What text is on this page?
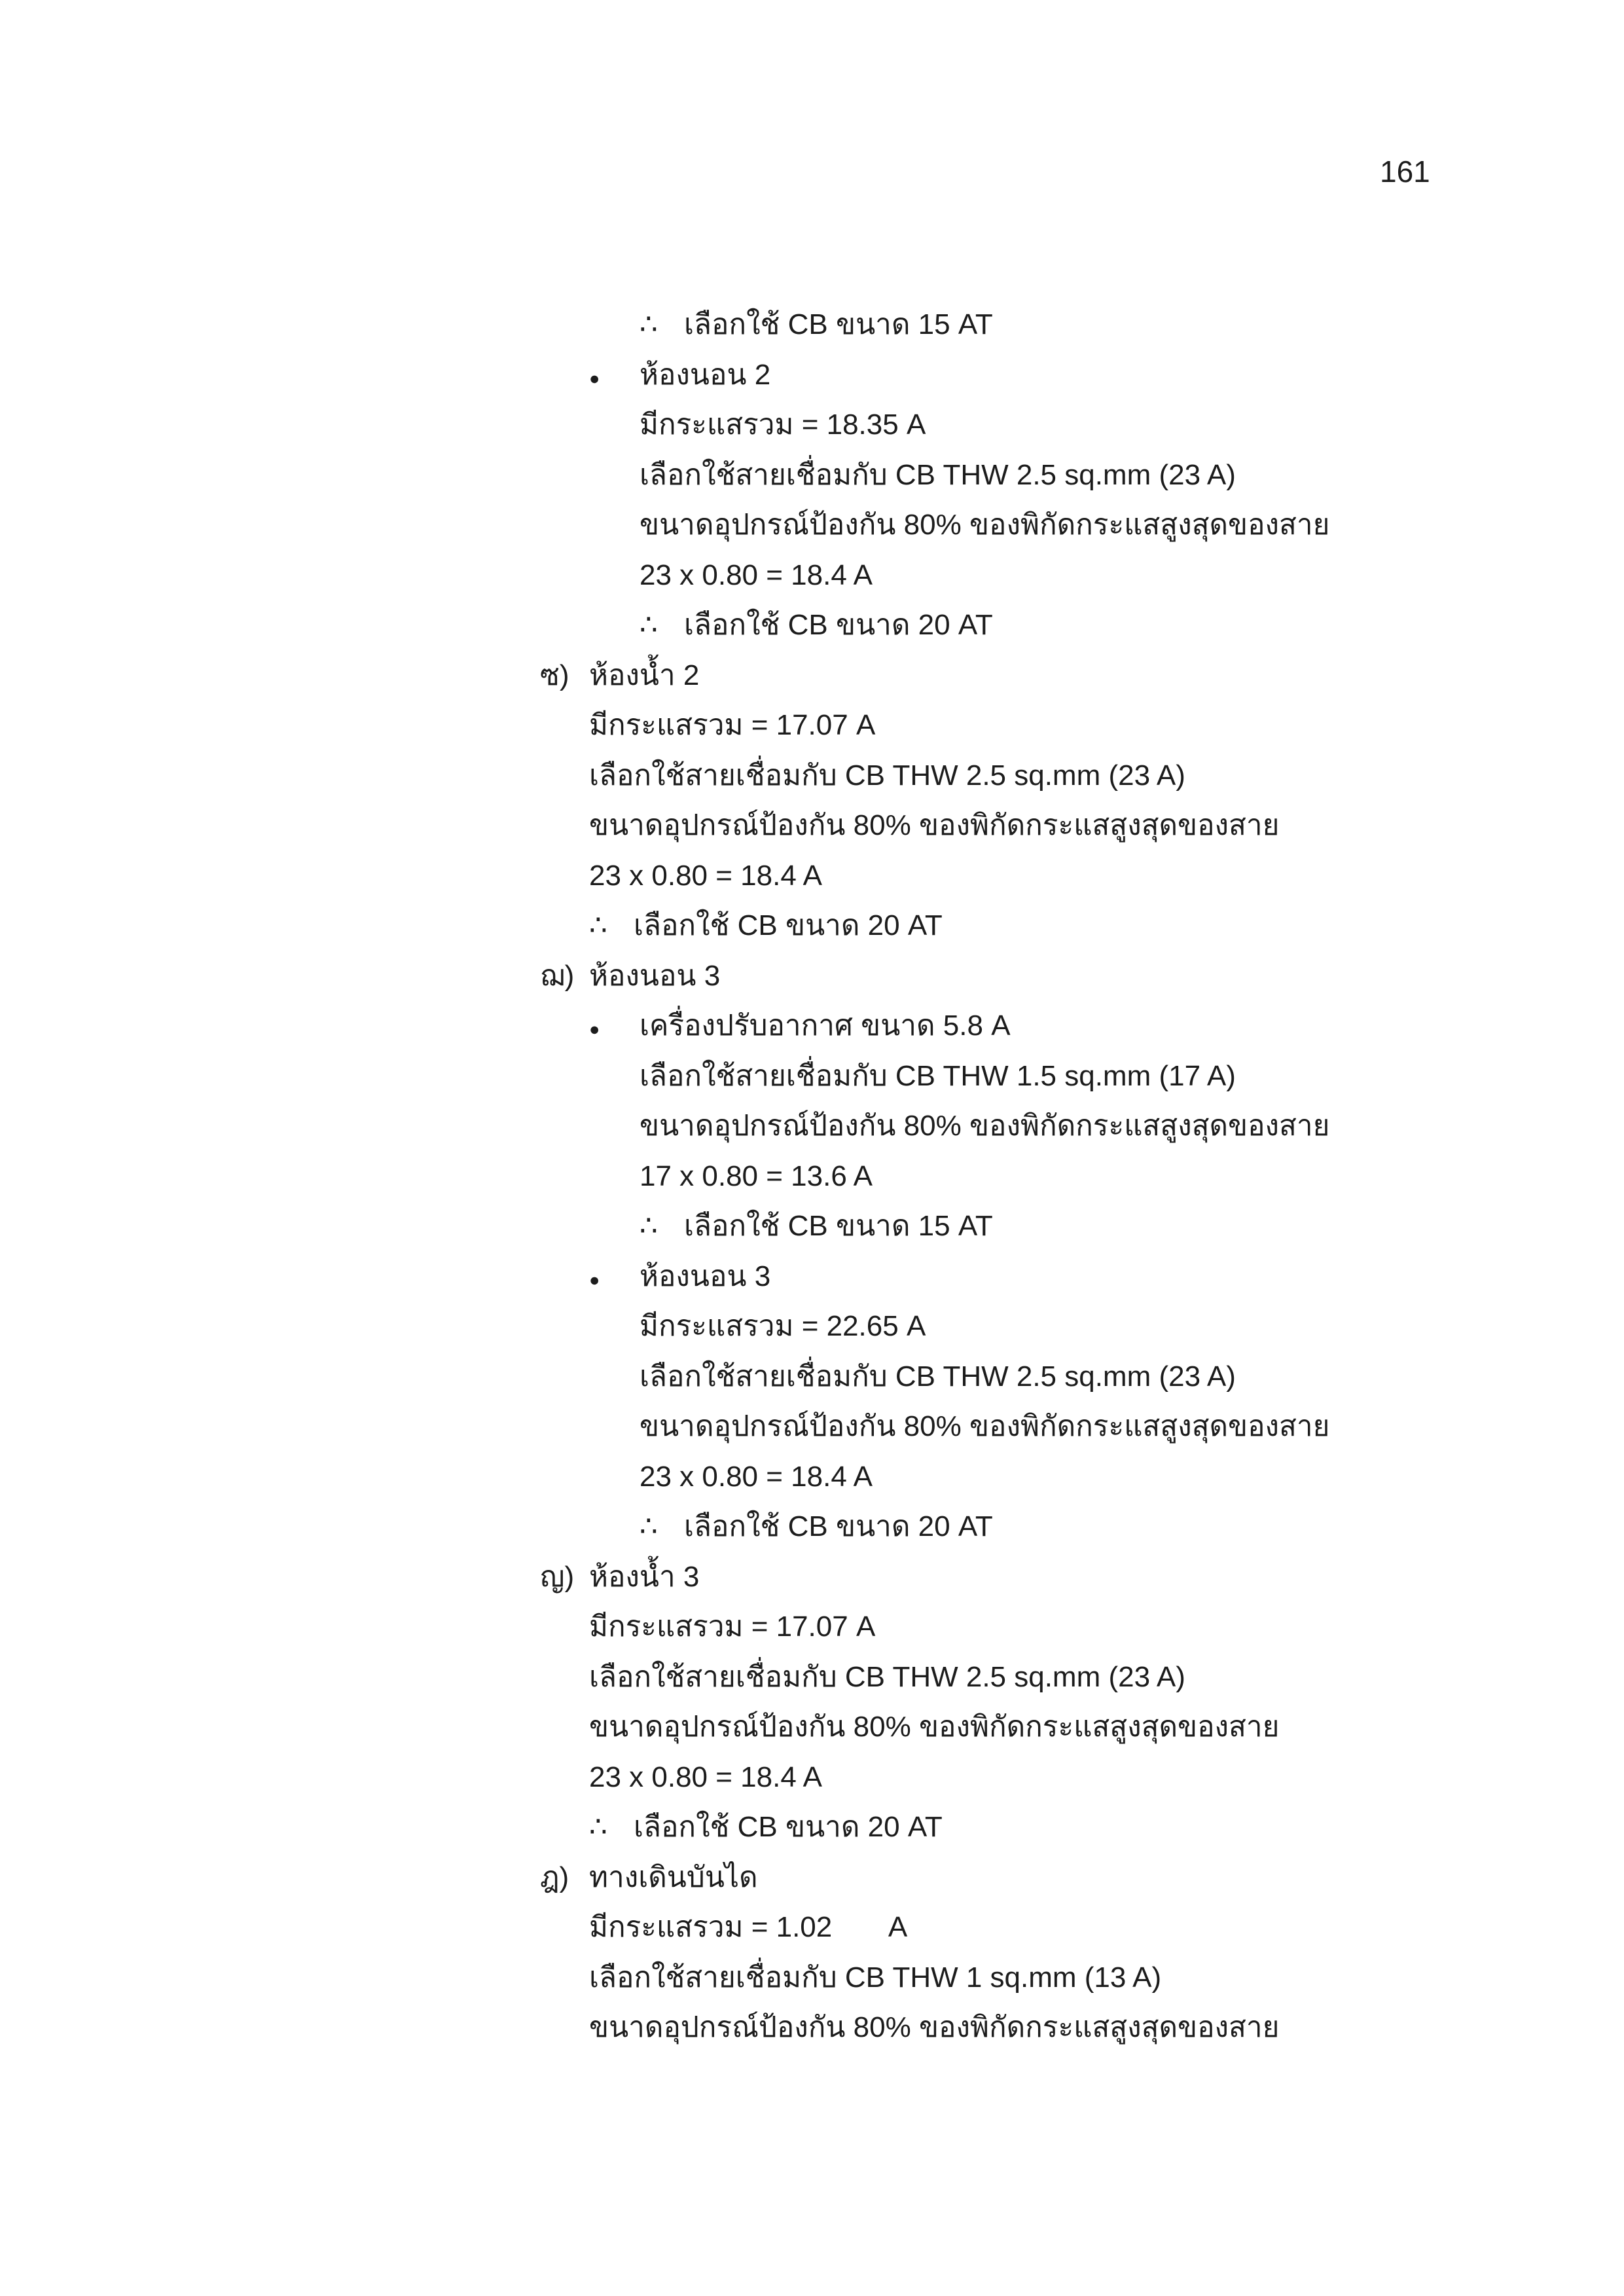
161
∴ เลือกใช้ CB ขนาด 15 AT
●	ห้องนอน 2
มีกระแสรวม = 18.35 A
เลือกใช้สายเชื่อมกับ CB THW 2.5 sq.mm (23 A)
ขนาดอุปกรณ์ป้องกัน 80% ของพิกัดกระแสสูงสุดของสาย
23 x 0.80 = 18.4 A
∴ เลือกใช้ CB ขนาด 20 AT
ซ) ห้องน้ำ 2
มีกระแสรวม = 17.07 A
เลือกใช้สายเชื่อมกับ CB THW 2.5 sq.mm (23 A)
ขนาดอุปกรณ์ป้องกัน 80% ของพิกัดกระแสสูงสุดของสาย
23 x 0.80 = 18.4 A
∴ เลือกใช้ CB ขนาด 20 AT
ฌ) ห้องนอน 3
●	เครื่องปรับอากาศ ขนาด 5.8 A
เลือกใช้สายเชื่อมกับ CB THW 1.5 sq.mm (17 A)
ขนาดอุปกรณ์ป้องกัน 80% ของพิกัดกระแสสูงสุดของสาย
17 x 0.80 = 13.6 A
∴ เลือกใช้ CB ขนาด 15 AT
●	ห้องนอน 3
มีกระแสรวม = 22.65 A
เลือกใช้สายเชื่อมกับ CB THW 2.5 sq.mm (23 A)
ขนาดอุปกรณ์ป้องกัน 80% ของพิกัดกระแสสูงสุดของสาย
23 x 0.80 = 18.4 A
∴ เลือกใช้ CB ขนาด 20 AT
ญ) ห้องน้ำ 3
มีกระแสรวม = 17.07 A
เลือกใช้สายเชื่อมกับ CB THW 2.5 sq.mm (23 A)
ขนาดอุปกรณ์ป้องกัน 80% ของพิกัดกระแสสูงสุดของสาย
23 x 0.80 = 18.4 A
∴ เลือกใช้ CB ขนาด 20 AT
ฎ) ทางเดินบันได
มีกระแสรวม = 1.02       A
เลือกใช้สายเชื่อมกับ CB THW 1 sq.mm (13 A)
ขนาดอุปกรณ์ป้องกัน 80% ของพิกัดกระแสสูงสุดของสาย
